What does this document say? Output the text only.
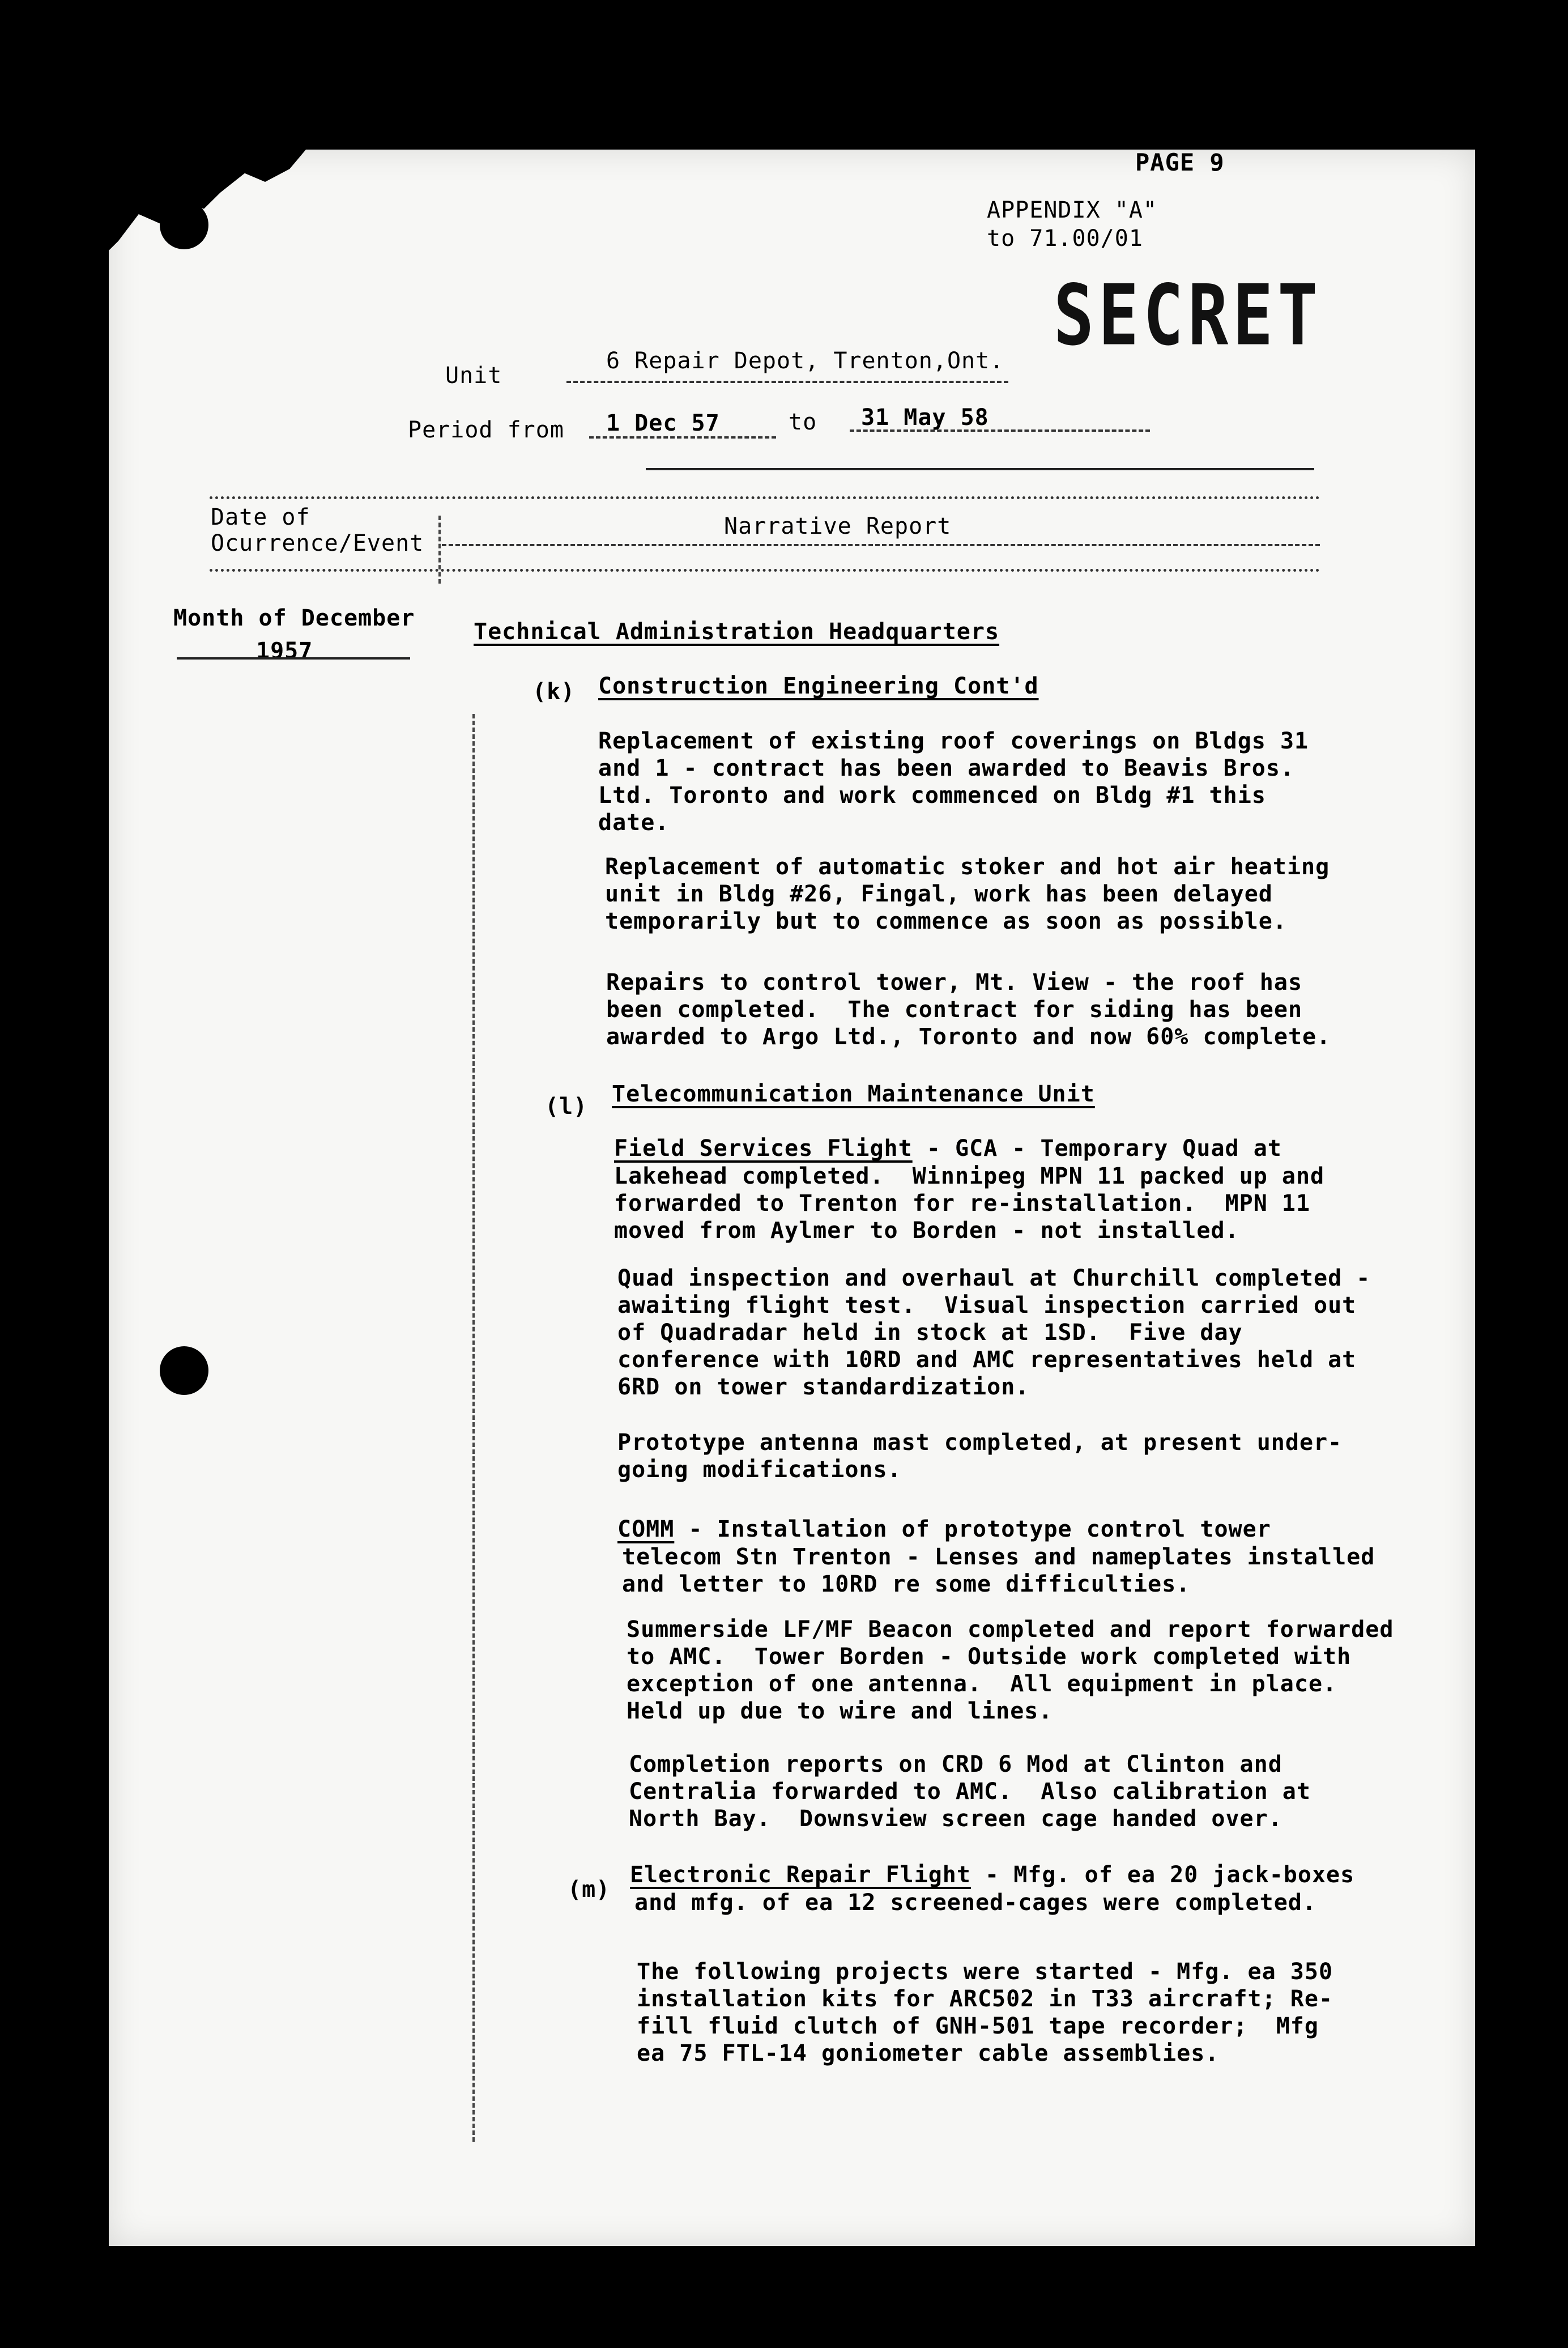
PAGE 9
APPENDIX "A"
to 71.00/01
SECRET
Unit
6 Repair Depot, Trenton,Ont.
Period from 1 Dec 57	to 31 May 58
Date of
Ocurrence/Event
Narrative Report
Month of December
1957
Technical Administration Headquarters
(k) Construction Engineering Cont'd
Replacement of existing roof coverings on Bldgs 31
and 1 - contract has been awarded to Beavis Bros.
Ltd. Toronto and work commenced on Bldg #1 this
date.
Replacement of automatic stoker and hot air heating
unit in Bldg #26, Fingal, work has been delayed
temporarily but to commence as soon as possible.
Repairs to control tower, Mt. View - the roof has
been completed.  The contract for siding has been
awarded to Argo Ltd., Toronto and now 60% complete.
(l) Telecommunication Maintenance Unit
Field Services Flight - GCA - Temporary Quad at
Lakehead completed.  Winnipeg MPN 11 packed up and
forwarded to Trenton for re-installation.  MPN 11
moved from Aylmer to Borden - not installed.
Quad inspection and overhaul at Churchill completed -
awaiting flight test.  Visual inspection carried out
of Quadradar held in stock at 1SD.  Five day
conference with 10RD and AMC representatives held at
6RD on tower standardization.
Prototype antenna mast completed, at present under-
going modifications.
COMM - Installation of prototype control tower
telecom Stn Trenton - Lenses and nameplates installed
and letter to 10RD re some difficulties.
Summerside LF/MF Beacon completed and report forwarded
to AMC.  Tower Borden - Outside work completed with
exception of one antenna.  All equipment in place.
Held up due to wire and lines.
Completion reports on CRD 6 Mod at Clinton and
Centralia forwarded to AMC.  Also calibration at
North Bay.  Downsview screen cage handed over.
(m)
Electronic Repair Flight - Mfg. of ea 20 jack-boxes
and mfg. of ea 12 screened-cages were completed.
The following projects were started - Mfg. ea 350
installation kits for ARC502 in T33 aircraft; Re-
fill fluid clutch of GNH-501 tape recorder;  Mfg
ea 75 FTL-14 goniometer cable assemblies.
